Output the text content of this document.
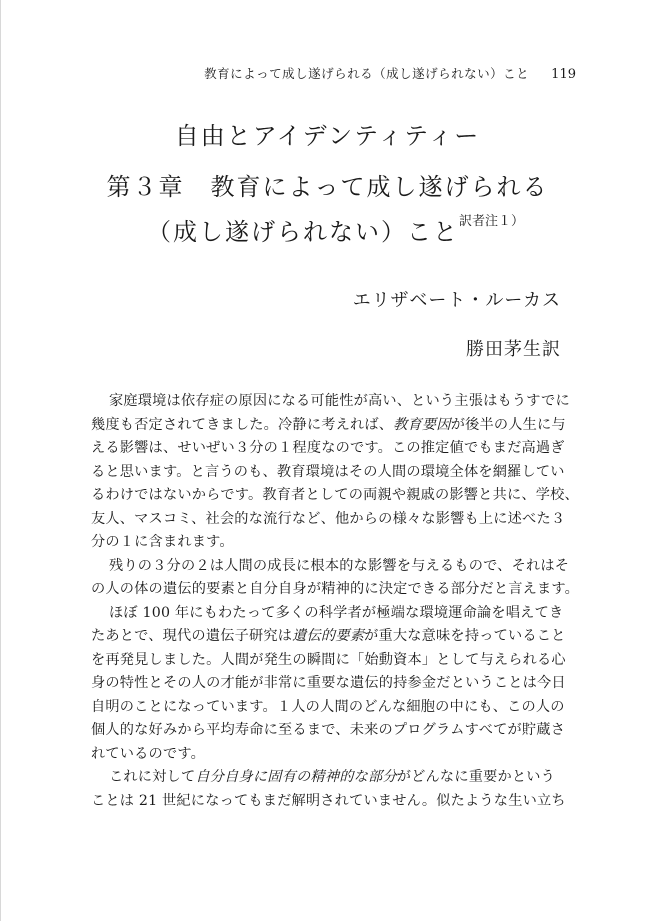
教育によって成し遂げられる（成し遂げられない）こと 119
自由とアイデンティティー
第３章　教育によって成し遂げられる
（成し遂げられない）こと$^{訳者注1)}$
エリザベート・ルーカス
勝田茅生訳
家庭環境は依存症の原因になる可能性が高い、という主張はもうすでに
幾度も否定されてきました。冷静に考えれば、教育要因が後半の人生に与
える影響は、せいぜい３分の１程度なのです。この推定値でもまだ高過ぎ
ると思います。と言うのも、教育環境はその人間の環境全体を網羅してい
るわけではないからです。教育者としての両親や親戚の影響と共に、学校、
友人、マスコミ、社会的な流行など、他からの様々な影響も上に述べた３
分の１に含まれます。
残りの３分の２は人間の成長に根本的な影響を与えるもので、それはそ
の人の体の遺伝的要素と自分自身が精神的に決定できる部分だと言えます。
ほぼ 100 年にもわたって多くの科学者が極端な環境運命論を唱えてき
たあとで、現代の遺伝子研究は遺伝的要素が重大な意味を持っていること
を再発見しました。人間が発生の瞬間に「始動資本」として与えられる心
身の特性とその人の才能が非常に重要な遺伝的持参金だということは今日
自明のことになっています。１人の人間のどんな細胞の中にも、この人の
個人的な好みから平均寿命に至るまで、未来のプログラムすべてが貯蔵さ
れているのです。
これに対して自分自身に固有の精神的な部分がどんなに重要かという
ことは 21 世紀になってもまだ解明されていません。似たような生い立ち
